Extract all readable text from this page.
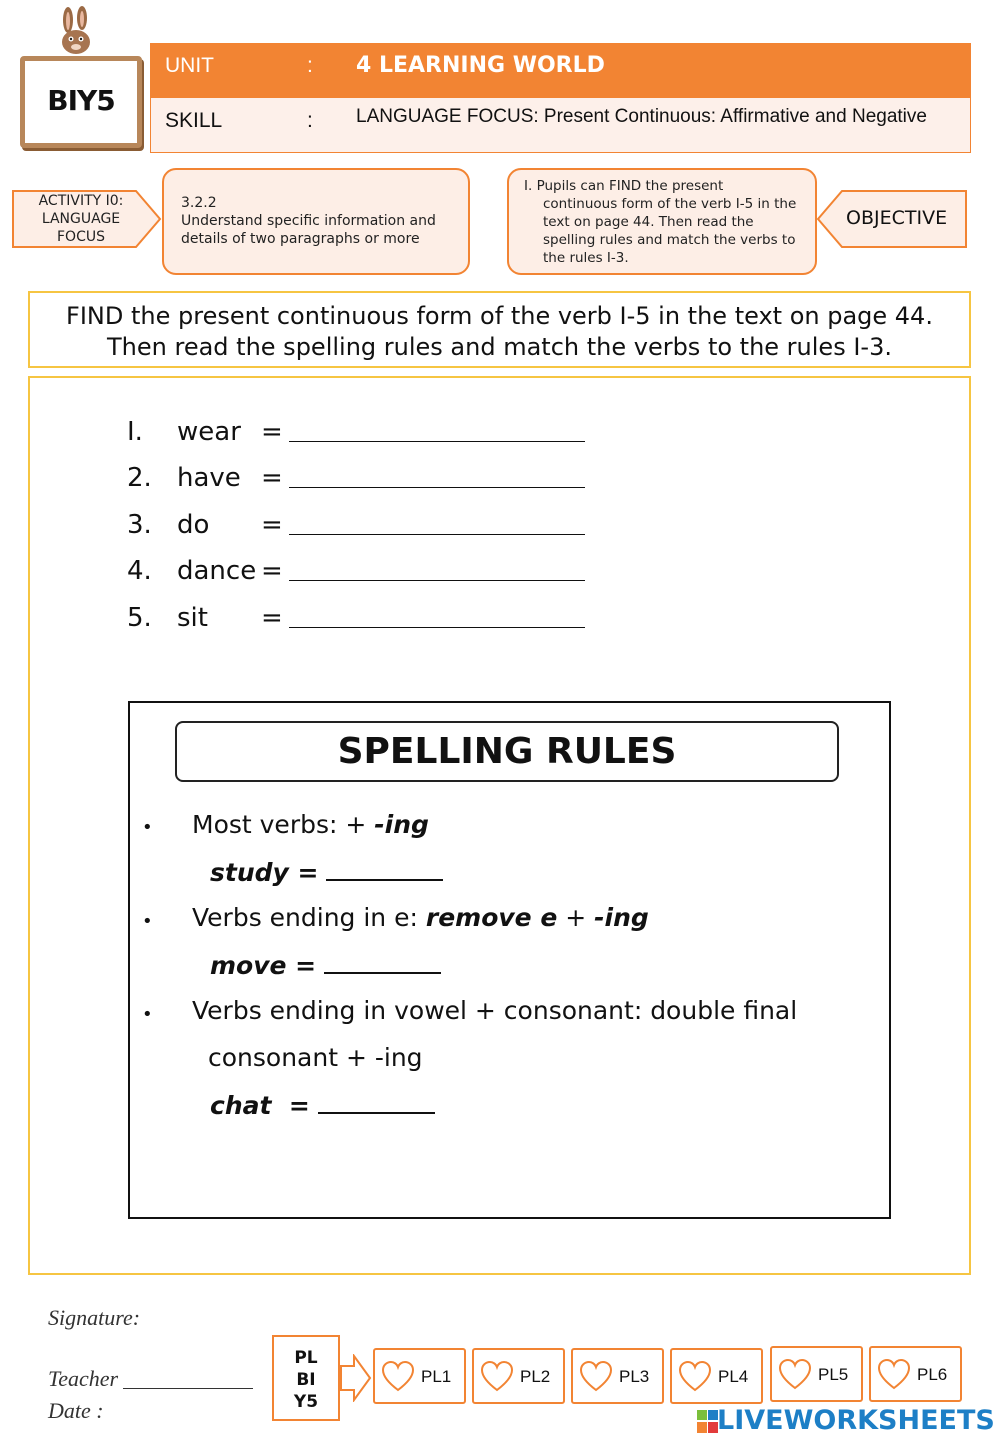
BIY5
UNIT	: 4 LEARNING WORLD
SKILL	: LANGUAGE FOCUS: Present Continuous: Affirmative and Negative
ACTIVITY I0:
LANGUAGE
FOCUS
3.2.2
Understand specific information and
details of two paragraphs or more
I. Pupils can FIND the present
continuous form of the verb I-5 in the
text on page 44. Then read the
spelling rules and match the verbs to
the rules I-3.
OBJECTIVE
FIND the present continuous form of the verb I-5 in the text on page 44.
Then read the spelling rules and match the verbs to the rules I-3.
I. wear =
2. have =
3. do =
4. dance =
5. sit =
SPELLING RULES
• Most verbs: + -ing
study =
• Verbs ending in e: remove e + -ing
move =
• Verbs ending in vowel + consonant: double final
consonant + -ing
chat  =
Signature:
Teacher
Date :
PL
BI
Y5
PL1	PL2	PL3	PL4	PL5	PL6
LIVEWORKSHEETS
